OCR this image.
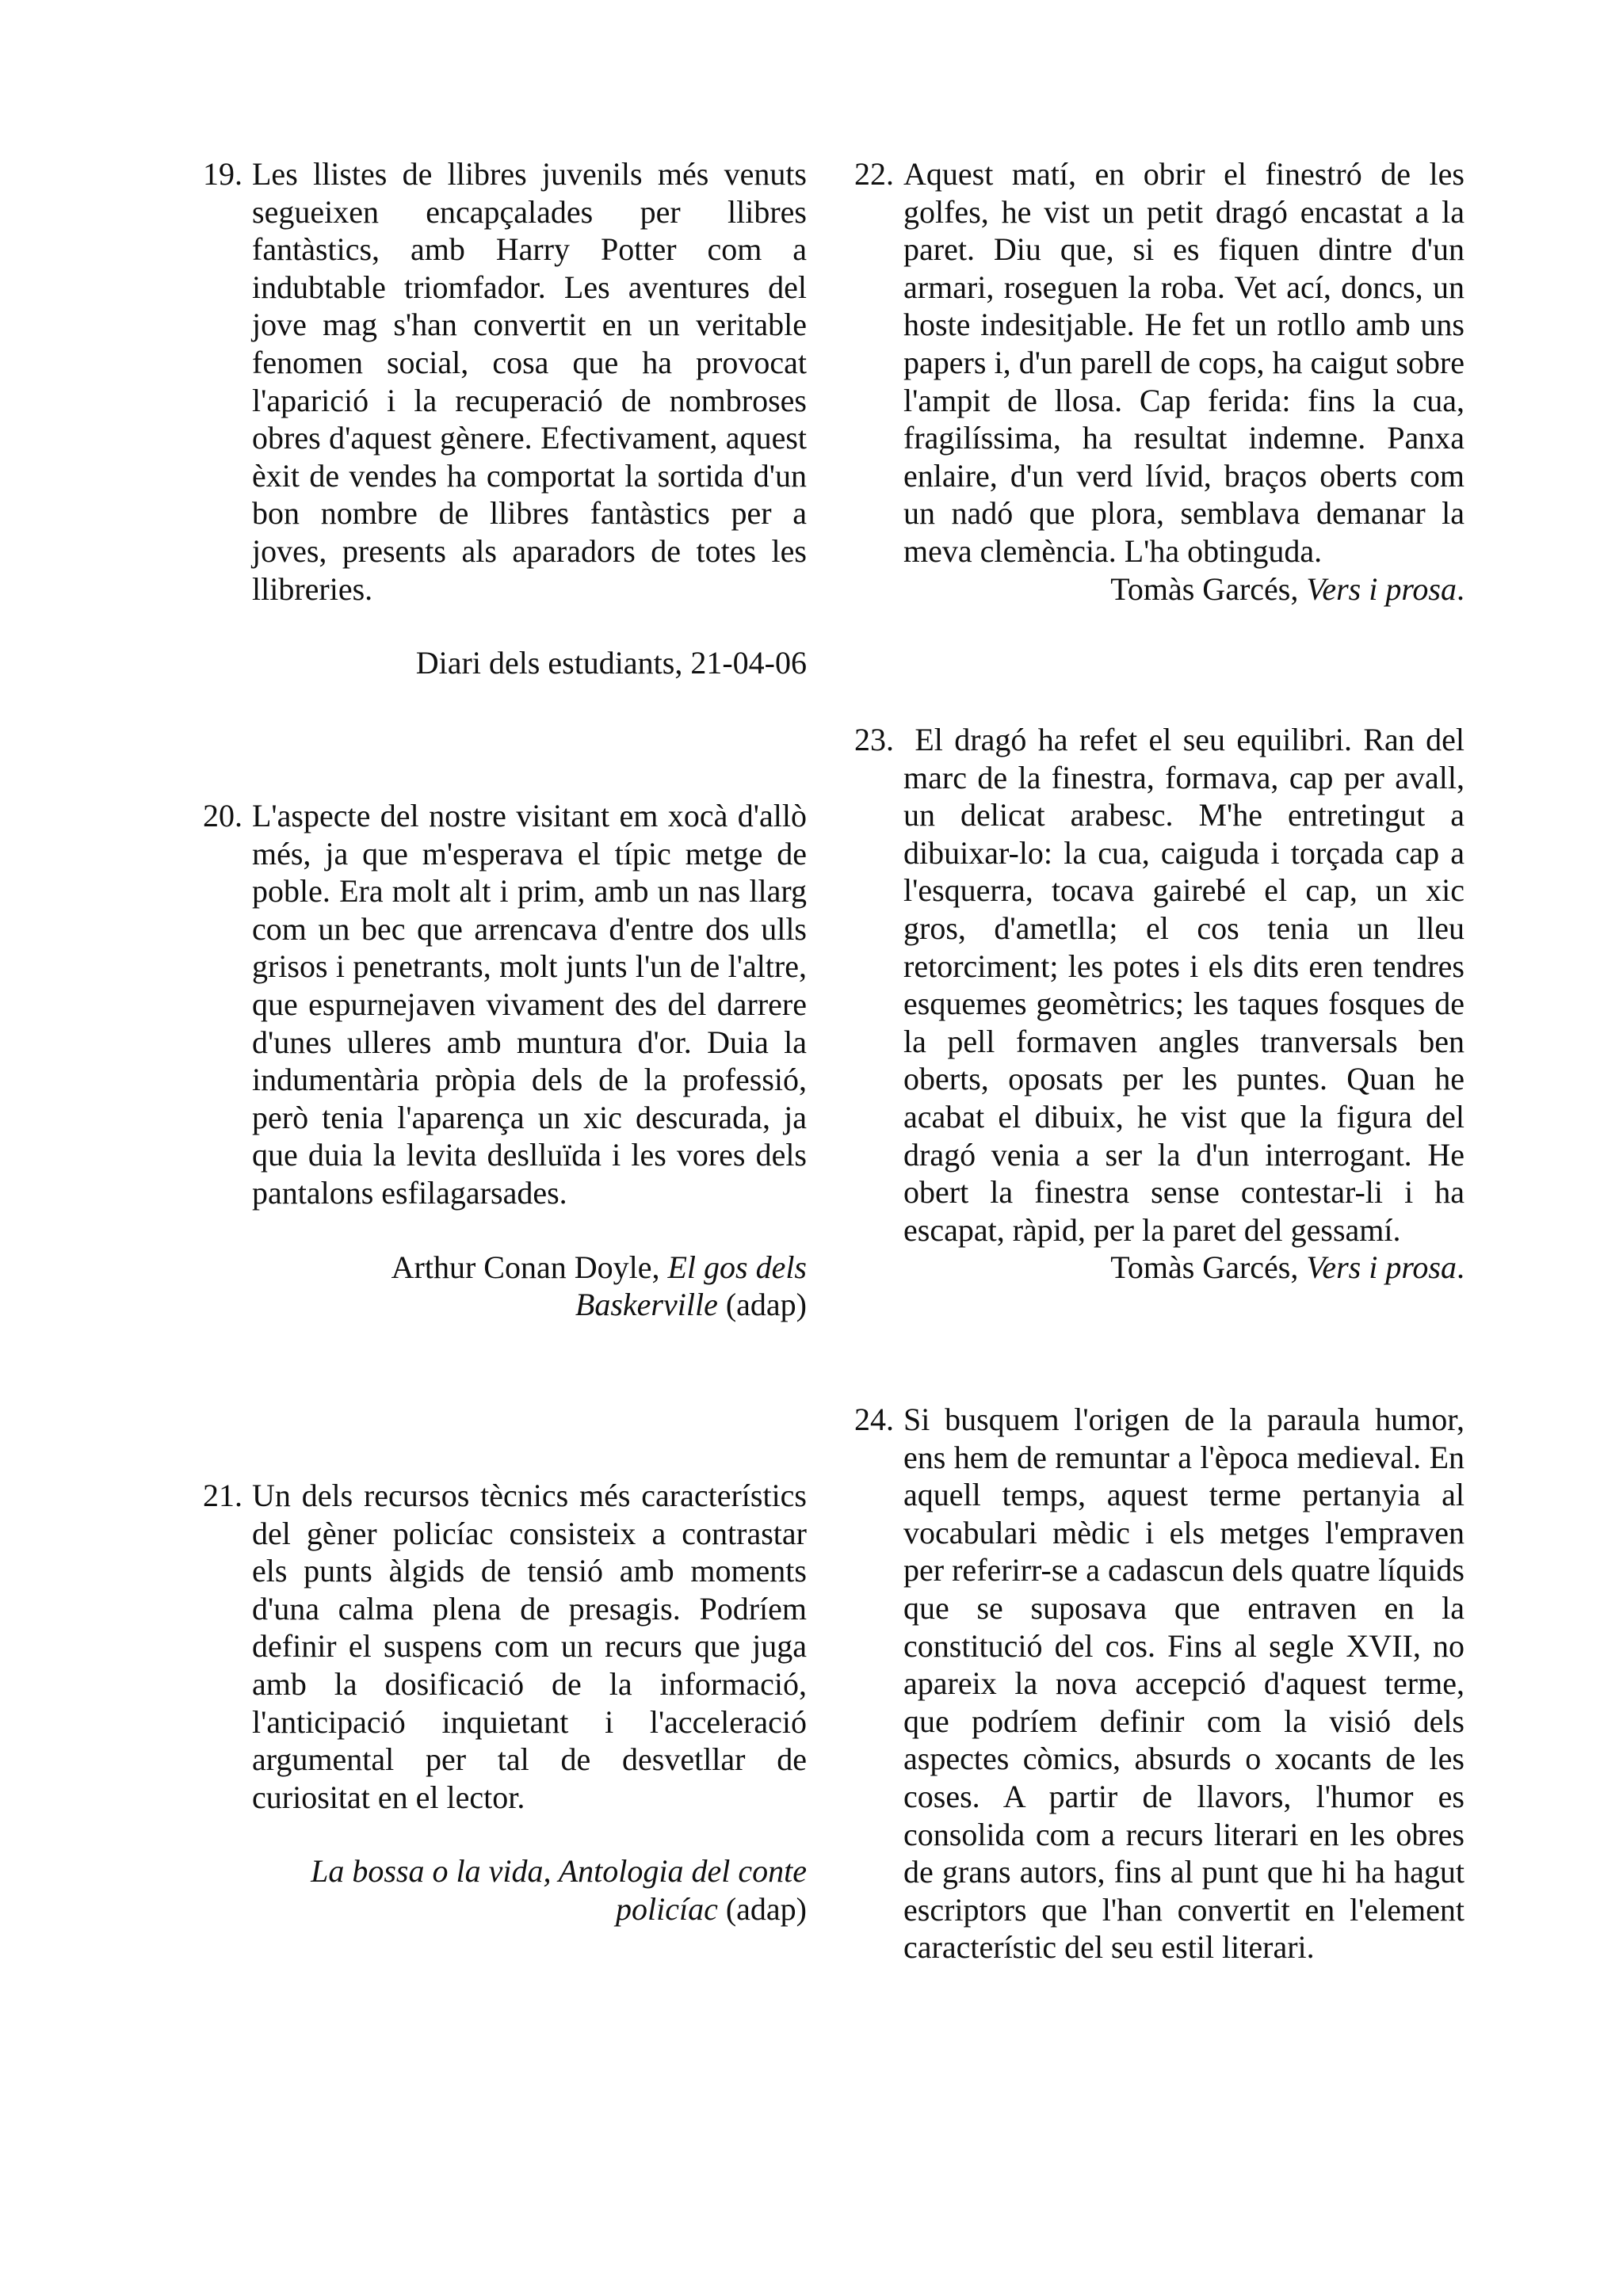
19. Les llistes de llibres juvenils més venuts segueixen encapçalades per llibres fantàstics, amb Harry Potter com a indubtable triomfador. Les aventures del jove mag s'han convertit en un veritable fenomen social, cosa que ha provocat l'aparició i la recuperació de nombroses obres d'aquest gènere. Efectivament, aquest èxit de vendes ha comportat la sortida d'un bon nombre de llibres fantàstics per a joves, presents als aparadors de totes les llibreries.

Diari dels estudiants, 21-04-06
20. L'aspecte del nostre visitant em xocà d'allò més, ja que m'esperava el típic metge de poble. Era molt alt i prim, amb un nas llarg com un bec que arrencava d'entre dos ulls grisos i penetrants, molt junts l'un de l'altre, que espurnejaven vivament des del darrere d'unes ulleres amb muntura d'or. Duia la indumentària pròpia dels de la professió, però tenia l'aparença un xic descurada, ja que duia la levita deslluïda i les vores dels pantalons esfilagarsades.

Arthur Conan Doyle, El gos dels
Baskerville (adap)
21. Un dels recursos tècnics més característics del gèner policíac consisteix a contrastar els punts àlgids de tensió amb moments d'una calma plena de presagis. Podríem definir el suspens com un recurs que juga amb la dosificació de la informació, l'anticipació inquietant i l'acceleració argumental per tal de desvetllar de curiositat en el lector.

La bossa o la vida, Antologia del conte
policíac (adap)
22. Aquest matí, en obrir el finestró de les golfes, he vist un petit dragó encastat a la paret. Diu que, si es fiquen dintre d'un armari, roseguen la roba. Vet ací, doncs, un hoste indesitjable. He fet un rotllo amb uns papers i, d'un parell de cops, ha caigut sobre l'ampit de llosa. Cap ferida: fins la cua, fragilíssima, ha resultat indemne. Panxa enlaire, d'un verd lívid, braços oberts com un nadó que plora, semblava demanar la meva clemència. L'ha obtinguda.

Tomàs Garcés, Vers i prosa.
23. El dragó ha refet el seu equilibri. Ran del marc de la finestra, formava, cap per avall, un delicat arabesc. M'he entretingut a dibuixar-lo: la cua, caiguda i torçada cap a l'esquerra, tocava gairebé el cap, un xic gros, d'ametlla; el cos tenia un lleu retorciment; les potes i els dits eren tendres esquemes geomètrics; les taques fosques de la pell formaven angles tranversals ben oberts, oposats per les puntes. Quan he acabat el dibuix, he vist que la figura del dragó venia a ser la d'un interrogant. He obert la finestra sense contestar-li i ha escapat, ràpid, per la paret del gessamí.

Tomàs Garcés, Vers i prosa.
24. Si busquem l'origen de la paraula humor, ens hem de remuntar a l'època medieval. En aquell temps, aquest terme pertanyia al vocabulari mèdic i els metges l'empraven per referirr-se a cadascun dels quatre líquids que se suposava que entraven en la constitució del cos. Fins al segle XVII, no apareix la nova accepció d'aquest terme, que podríem definir com la visió dels aspectes còmics, absurds o xocants de les coses. A partir de llavors, l'humor es consolida com a recurs literari en les obres de grans autors, fins al punt que hi ha hagut escriptors que l'han convertit en l'element característic del seu estil literari.
